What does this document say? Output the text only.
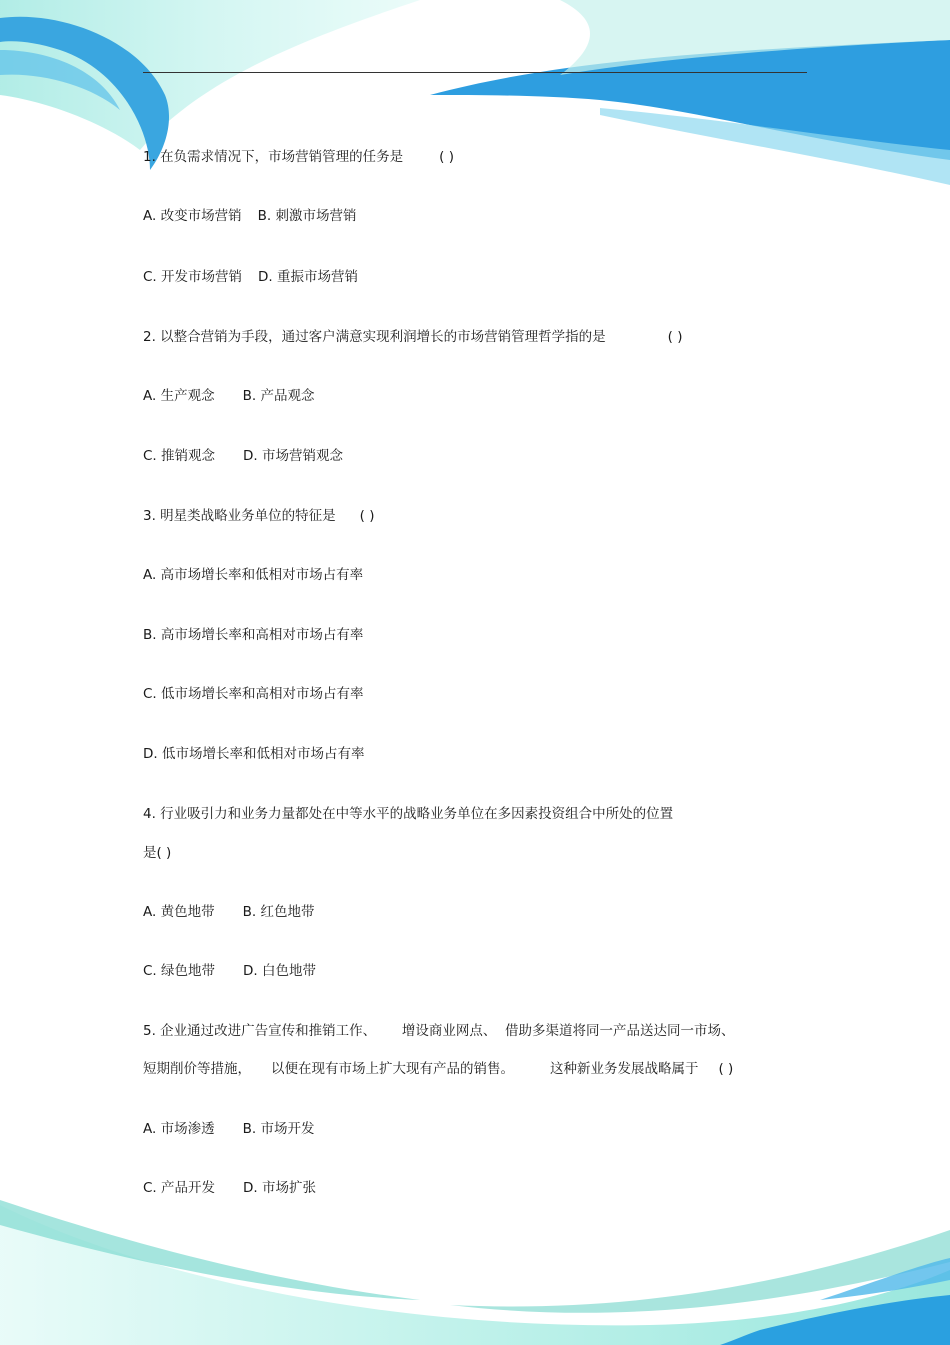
1. 在负需求情况下，市场营销管理的任务是	( )
A. 改变市场营销 B. 刺激市场营销
C. 开发市场营销 D. 重振市场营销
2. 以整合营销为手段，通过客户满意实现利润增长的市场营销管理哲学指的是	( )
A. 生产观念 B. 产品观念
C. 推销观念 D. 市场营销观念
3. 明星类战略业务单位的特征是 ( )
A. 高市场增长率和低相对市场占有率
B. 高市场增长率和高相对市场占有率
C. 低市场增长率和高相对市场占有率
D. 低市场增长率和低相对市场占有率
4. 行业吸引力和业务力量都处在中等水平的战略业务单位在多因素投资组合中所处的位置
是( )
A. 黄色地带 B. 红色地带
C. 绿色地带 D. 白色地带
5. 企业通过改进广告宣传和推销工作、      增设商业网点、  借助多渠道将同一产品送达同一市场、
短期削价等措施， 以便在现有市场上扩大现有产品的销售。	这种新业务发展战略属于 ( )
A. 市场渗透 B. 市场开发
C. 产品开发 D. 市场扩张
